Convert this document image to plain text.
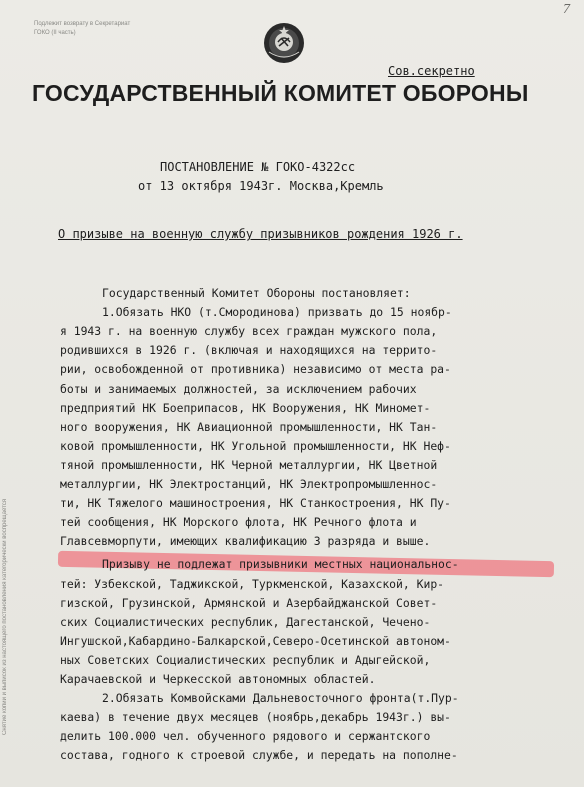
Подлежит возврату в Секретариат
ГОКО (II часть)
7
Сов.секретно
ГОСУДАРСТВЕННЫЙ КОМИТЕТ ОБОРОНЫ
Снятие копий и выписок из настоящего постановления категорически воспрещается
ПОСТАНОВЛЕНИЕ № ГОКО-4322сс
от 13 октября 1943г. Москва,Кремль
О призыве на военную службу призывников рождения 1926 г.
Государственный Комитет Обороны постановляет:
1.Обязать НКО (т.Смородинова) призвать до 15 ноябр-
я 1943 г. на военную службу всех граждан мужского пола,
родившихся в 1926 г. (включая и находящихся на террито-
рии, освобожденной от противника) независимо от места ра-
боты и занимаемых должностей, за исключением рабочих
предприятий НК Боеприпасов, НК Вооружения, НК Миномет-
ного вооружения, НК Авиационной промышленности, НК Тан-
ковой промышленности, НК Угольной промышленности, НК Неф-
тяной промышленности, НК Черной металлургии, НК Цветной
металлургии, НК Электростанций, НК Электропромышленнос-
ти, НК Тяжелого машиностроения, НК Станкостроения, НК Пу-
тей сообщения, НК Морского флота, НК Речного флота и
Главсевморпути, имеющих квалификацию 3 разряда и выше.
Призыву не подлежат призывники местных национальнос-
тей: Узбекской, Таджикской, Туркменской, Казахской, Кир-
гизской, Грузинской, Армянской и Азербайджанской Совет-
ских Социалистических республик, Дагестанской, Чечено-
Ингушской,Кабардино-Балкарской,Северо-Осетинской автоном-
ных Советских Социалистических республик и Адыгейской,
Карачаевской и Черкесской автономных областей.
2.Обязать Комвойсками Дальневосточного фронта(т.Пур-
каева) в течение двух месяцев (ноябрь,декабрь 1943г.) вы-
делить 100.000 чел. обученного рядового и сержантского
состава, годного к строевой службе, и передать на пополне-
